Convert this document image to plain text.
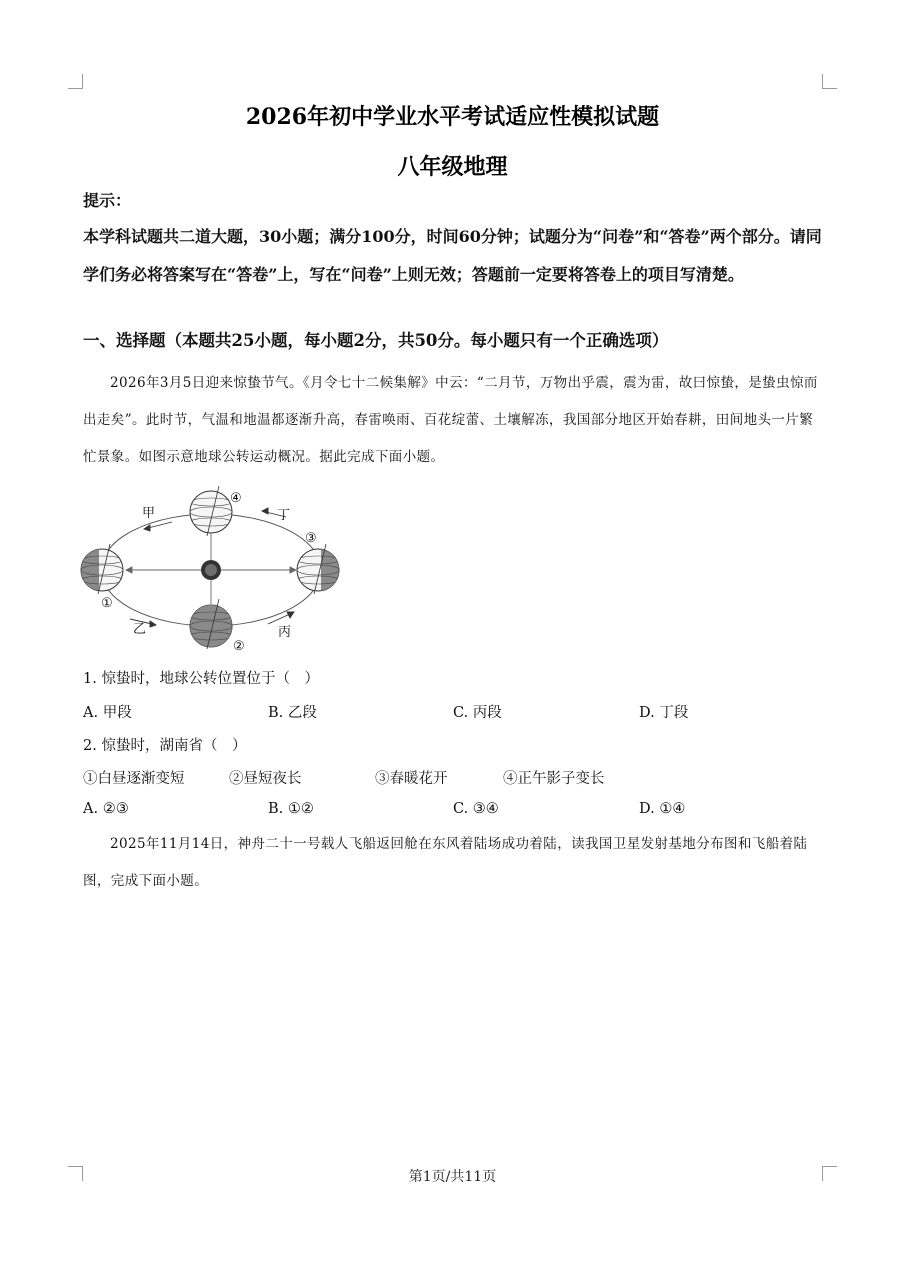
2026年初中学业水平考试适应性模拟试题
八年级地理
提示：
本学科试题共二道大题，30小题；满分100分，时间60分钟；试题分为“问卷”和“答卷”两个部分。请同学们务必将答案写在“答卷”上，写在“问卷”上则无效；答题前一定要将答卷上的项目写清楚。
一、选择题（本题共25小题，每小题2分，共50分。每小题只有一个正确选项）
2026年3月5日迎来惊蛰节气。《月令七十二候集解》中云：“二月节，万物出乎震，震为雷，故曰惊蛰，是蛰虫惊而出走矣”。此时节，气温和地温都逐渐升高，春雷唤雨、百花绽蕾、土壤解冻，我国部分地区开始春耕，田间地头一片繁忙景象。如图示意地球公转运动概况。据此完成下面小题。
甲
乙	丙
丁
①
②
③
④
1. 惊蛰时，地球公转位置位于（　）
A. 甲段	B. 乙段	C. 丙段	D. 丁段
2. 惊蛰时，湖南省（　）
①白昼逐渐变短	②昼短夜长	③春暖花开	④正午影子变长
A. ②③	B. ①②	C. ③④	D. ①④
2025年11月14日，神舟二十一号载人飞船返回舱在东风着陆场成功着陆，读我国卫星发射基地分布图和飞船着陆图，完成下面小题。
第1页/共11页
